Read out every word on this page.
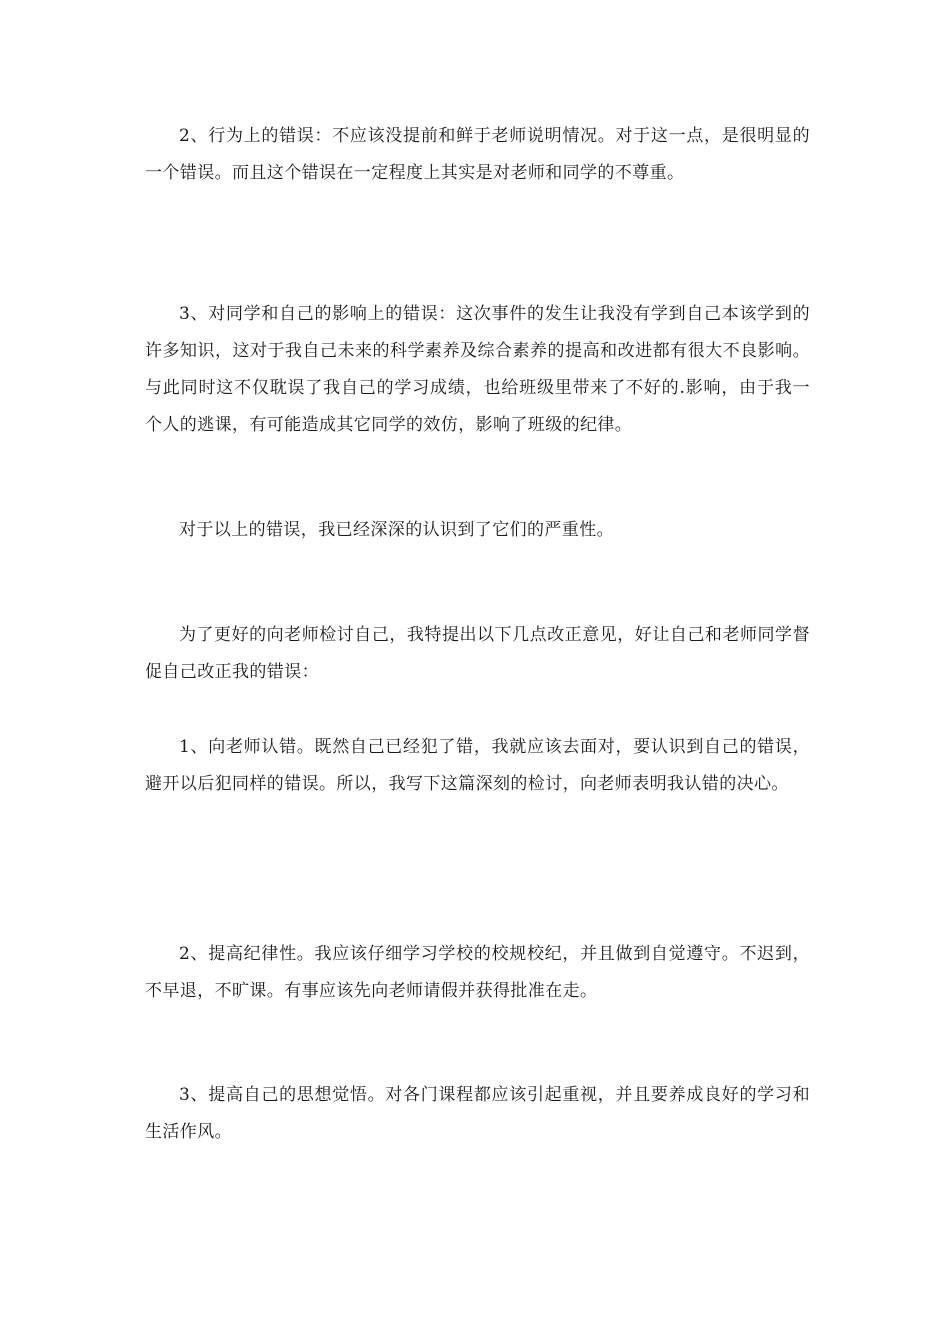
2、行为上的错误：不应该没提前和鲜于老师说明情况。对于这一点，是很明显的一个错误。而且这个错误在一定程度上其实是对老师和同学的不尊重。

3、对同学和自己的影响上的错误：这次事件的发生让我没有学到自己本该学到的许多知识，这对于我自己未来的科学素养及综合素养的提高和改进都有很大不良影响。与此同时这不仅耽误了我自己的学习成绩，也给班级里带来了不好的.影响，由于我一个人的逃课，有可能造成其它同学的效仿，影响了班级的纪律。

对于以上的错误，我已经深深的认识到了它们的严重性。

为了更好的向老师检讨自己，我特提出以下几点改正意见，好让自己和老师同学督促自己改正我的错误：

1、向老师认错。既然自己已经犯了错，我就应该去面对，要认识到自己的错误，避开以后犯同样的错误。所以，我写下这篇深刻的检讨，向老师表明我认错的决心。

2、提高纪律性。我应该仔细学习学校的校规校纪，并且做到自觉遵守。不迟到，不早退，不旷课。有事应该先向老师请假并获得批准在走。

3、提高自己的思想觉悟。对各门课程都应该引起重视，并且要养成良好的学习和生活作风。
